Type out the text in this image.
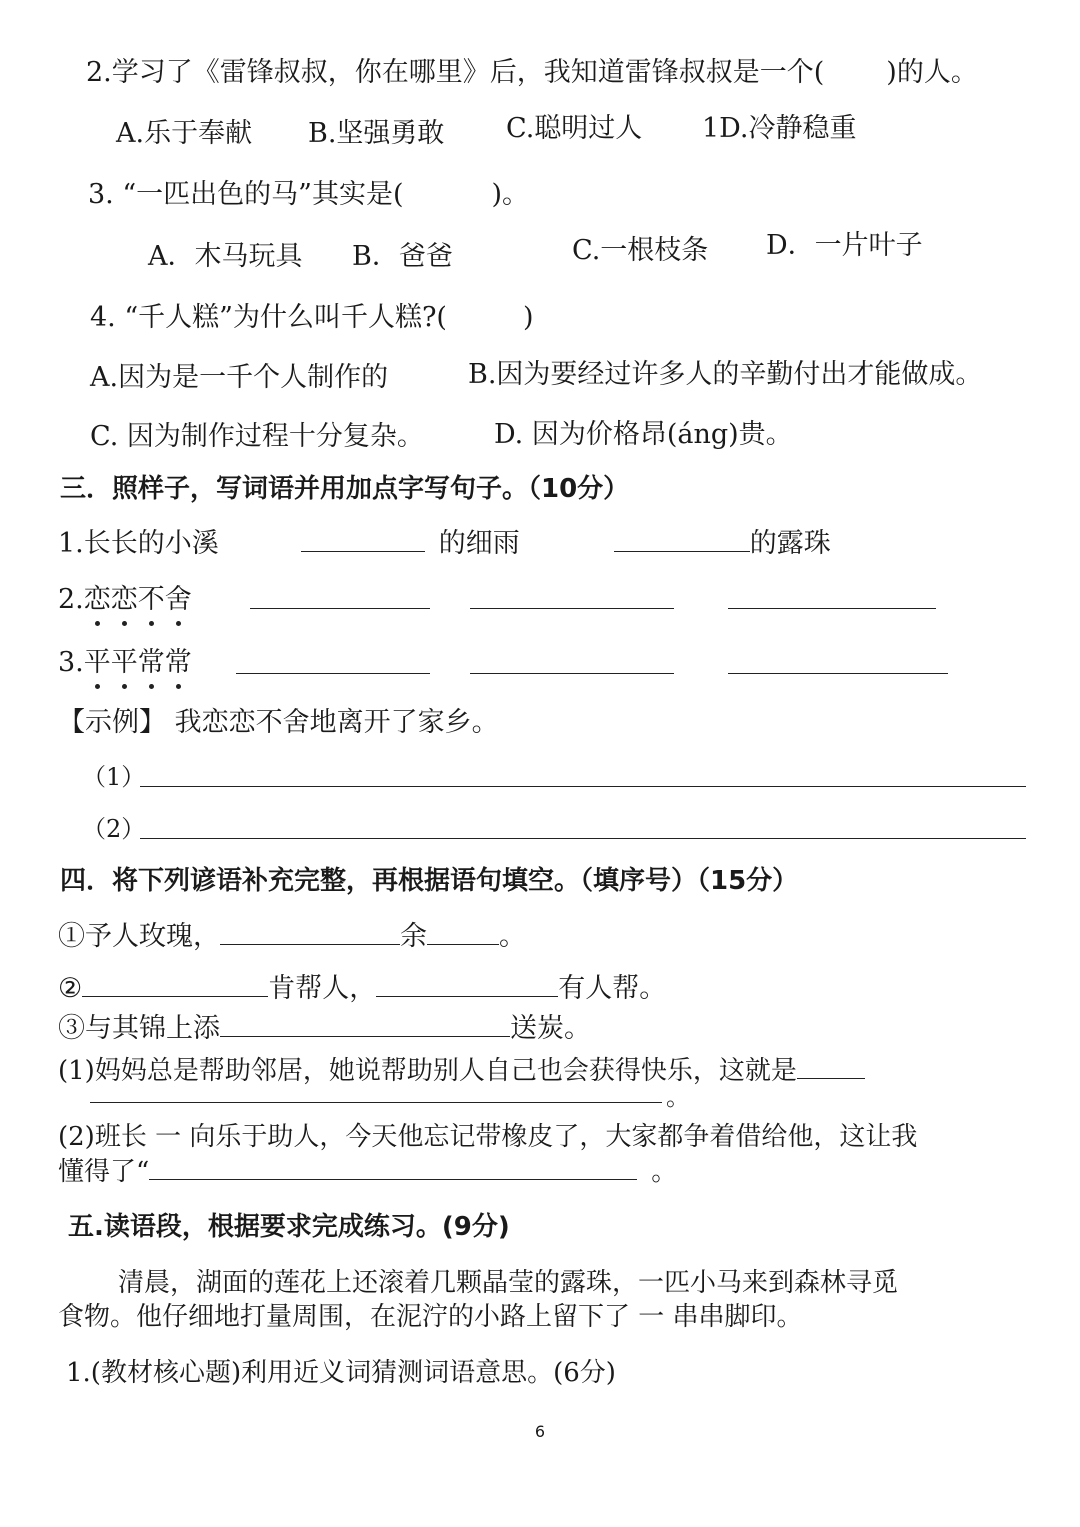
2.学习了《雷锋叔叔，你在哪里》后，我知道雷锋叔叔是一个( )的人。
A.乐于奉献 B.坚强勇敢 C.聪明过人 1D.冷静稳重
3. “一匹出色的马”其实是(	)。
A．木马玩具 B．爸爸	C.一根枝条 D．一片叶子
4. “千人糕”为什么叫千人糕?(	)
A.因为是一千个人制作的	B.因为要经过许多人的辛勤付出才能做成。
C. 因为制作过程十分复杂。	D. 因为价格昂(áng)贵。
三．照样子，写词语并用加点字写句子。（10分）
1.长长的小溪	的细雨	的露珠
2.恋恋不舍
3.平平常常
【示例】 我恋恋不舍地离开了家乡。
（1）
（2）
四．将下列谚语补充完整，再根据语句填空。（填序号）（15分）
①予人玫瑰，	余	。
②	肯帮人，	有人帮。
③与其锦上添	送炭。
(1)妈妈总是帮助邻居，她说帮助别人自己也会获得快乐，这就是
。
(2)班长 一 向乐于助人，今天他忘记带橡皮了，大家都争着借给他，这让我
懂得了“	。
五.读语段，根据要求完成练习。(9分)
清晨，湖面的莲花上还滚着几颗晶莹的露珠，一匹小马来到森林寻觅
食物。他仔细地打量周围，在泥泞的小路上留下了 一 串串脚印。
1.(教材核心题)利用近义词猜测词语意思。(6分)
6
